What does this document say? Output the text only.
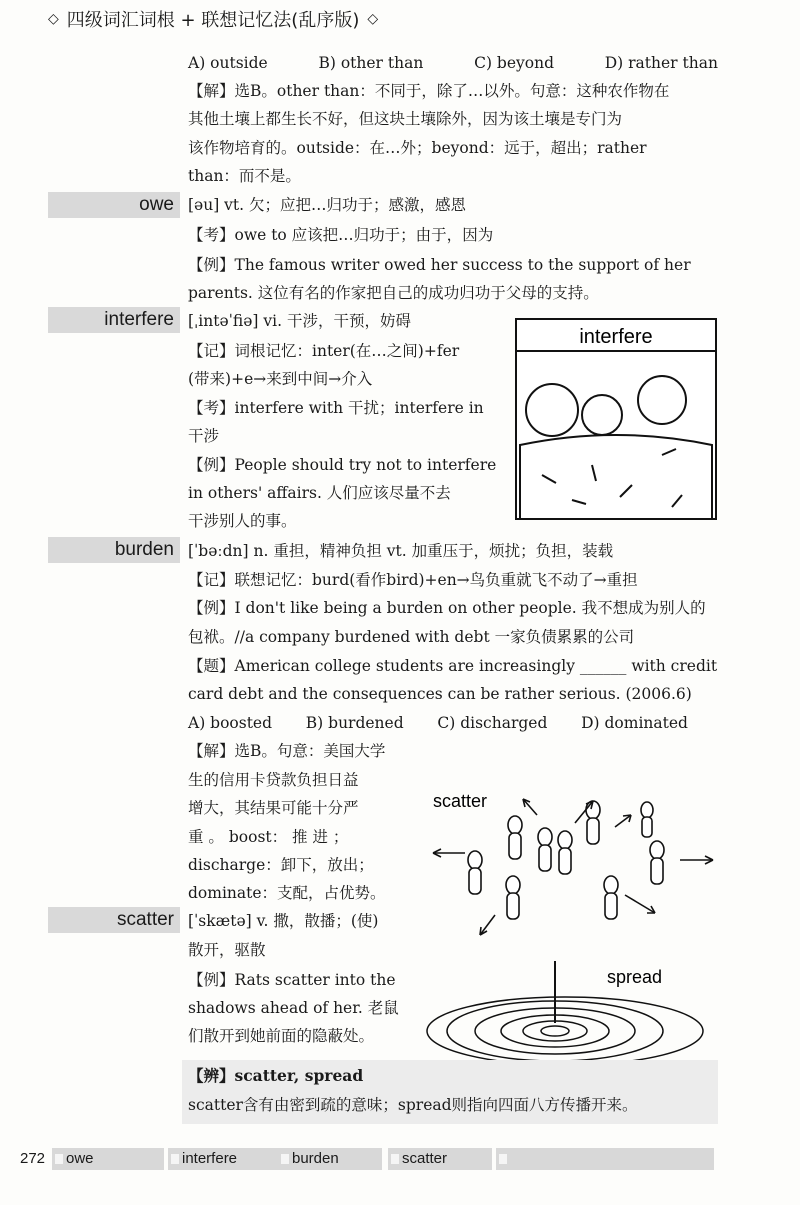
◇ 四级词汇词根 + 联想记忆法(乱序版) ◇
A) outside	B) other than	C) beyond	D) rather than
【解】选B。other than：不同于，除了…以外。句意：这种农作物在
其他土壤上都生长不好，但这块土壤除外，因为该土壤是专门为
该作物培育的。outside：在…外；beyond：远于，超出；rather
than：而不是。
owe [əu] vt. 欠；应把…归功于；感激，感恩
【考】owe to 应该把…归功于；由于，因为
【例】The famous writer owed her success to the support of her
parents. 这位有名的作家把自己的成功归功于父母的支持。
interfere [ˌintəˈfiə] vi. 干涉，干预，妨碍
【记】词根记忆：inter(在…之间)+fer
(带来)+e→来到中间→介入
【考】interfere with 干扰；interfere in
干涉
【例】People should try not to interfere
in others' affairs. 人们应该尽量不去
干涉别人的事。
interfere
burden [ˈbəːdn] n. 重担，精神负担 vt. 加重压于，烦扰；负担，装载
【记】联想记忆：burd(看作bird)+en→鸟负重就飞不动了→重担
【例】I don't like being a burden on other people. 我不想成为别人的
包袱。//a company burdened with debt 一家负债累累的公司
【题】American college students are increasingly ______ with credit
card debt and the consequences can be rather serious. (2006.6)
A) boosted B) burdened C) discharged D) dominated
【解】选B。句意：美国大学
生的信用卡贷款负担日益
增大，其结果可能十分严
重 。 boost： 推 进 ；
discharge：卸下，放出；
dominate：支配，占优势。
scatter
scatter [ˈskætə] v. 撒，散播；(使)
散开，驱散
【例】Rats scatter into the
shadows ahead of her. 老鼠
们散开到她前面的隐蔽处。
spread
【辨】scatter, spread
scatter含有由密到疏的意味；spread则指向四面八方传播开来。
272	owe	interfere	burden	scatter
